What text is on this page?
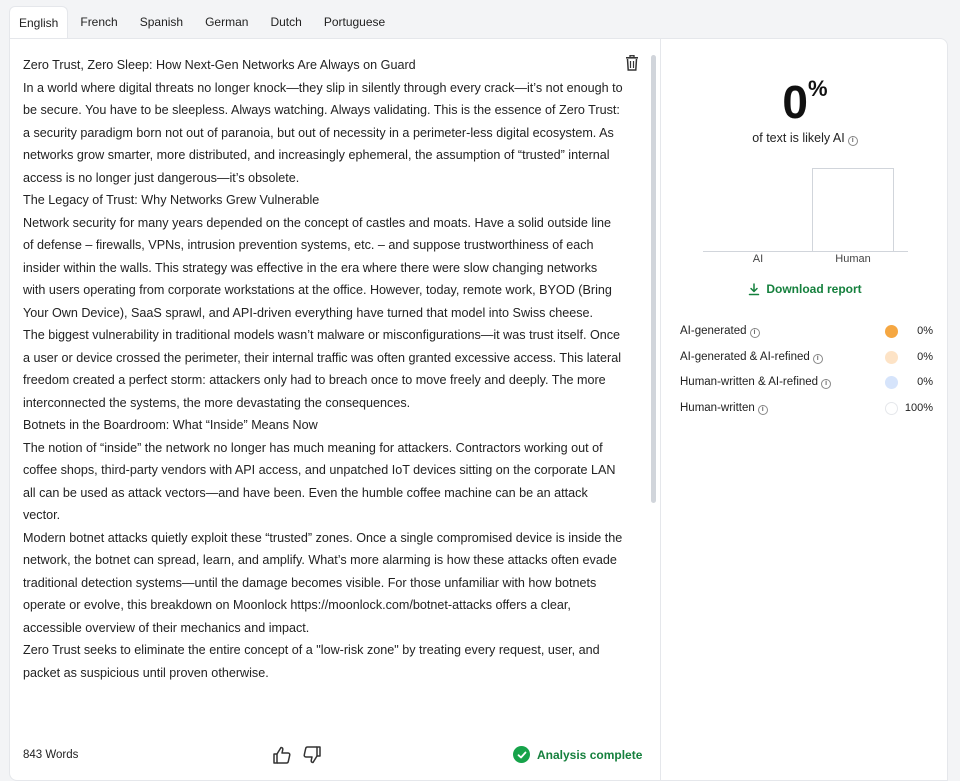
English	French	Spanish	German	Dutch	Portuguese

Zero Trust, Zero Sleep: How Next-Gen Networks Are Always on Guard

In a world where digital threats no longer knock—they slip in silently through every crack—it’s not enough to be secure. You have to be sleepless. Always watching. Always validating. This is the essence of Zero Trust: a security paradigm born not out of paranoia, but out of necessity in a perimeter-less digital ecosystem. As networks grow smarter, more distributed, and increasingly ephemeral, the assumption of “trusted” internal access is no longer just dangerous—it’s obsolete.

The Legacy of Trust: Why Networks Grew Vulnerable

Network security for many years depended on the concept of castles and moats. Have a solid outside line of defense – firewalls, VPNs, intrusion prevention systems, etc. – and suppose trustworthiness of each insider within the walls. This strategy was effective in the era where there were slow changing networks with users operating from corporate workstations at the office. However, today, remote work, BYOD (Bring Your Own Device), SaaS sprawl, and API-driven everything have turned that model into Swiss cheese.

The biggest vulnerability in traditional models wasn’t malware or misconfigurations—it was trust itself. Once a user or device crossed the perimeter, their internal traffic was often granted excessive access. This lateral freedom created a perfect storm: attackers only had to breach once to move freely and deeply. The more interconnected the systems, the more devastating the consequences.

Botnets in the Boardroom: What “Inside” Means Now

The notion of “inside” the network no longer has much meaning for attackers. Contractors working out of coffee shops, third-party vendors with API access, and unpatched IoT devices sitting on the corporate LAN all can be used as attack vectors—and have been. Even the humble coffee machine can be an attack vector.

Modern botnet attacks quietly exploit these “trusted” zones. Once a single compromised device is inside the network, the botnet can spread, learn, and amplify. What’s more alarming is how these attacks often evade traditional detection systems—until the damage becomes visible. For those unfamiliar with how botnets operate or evolve, this breakdown on Moonlock https://moonlock.com/botnet-attacks offers a clear, accessible overview of their mechanics and impact.

Zero Trust seeks to eliminate the entire concept of a "low-risk zone" by treating every request, user, and packet as suspicious until proven otherwise.

843 Words	Analysis complete
0%
of text is likely AI i
AI	Human
Download report
AI-generated i	0%
AI-generated & AI-refined i	0%
Human-written & AI-refined i	0%
Human-written i	100%
